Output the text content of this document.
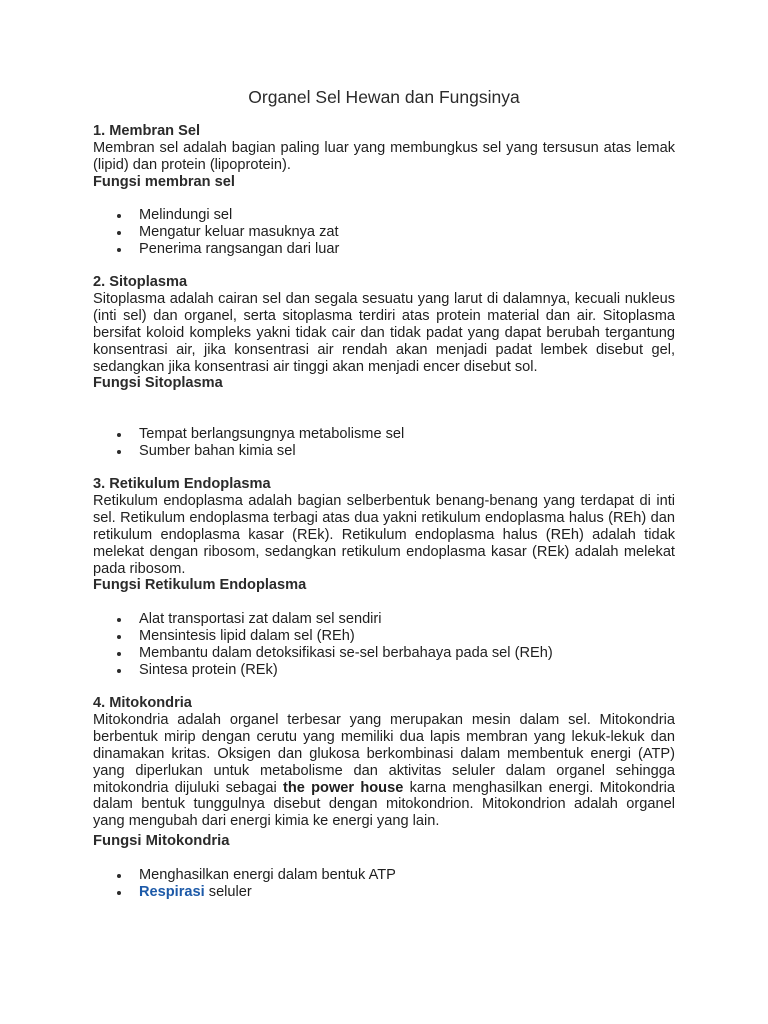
Organel Sel Hewan dan Fungsinya
1. Membran Sel
Membran sel adalah bagian paling luar yang membungkus sel yang tersusun atas lemak (lipid) dan protein (lipoprotein).
Fungsi membran sel
Melindungi sel
Mengatur keluar masuknya zat
Penerima rangsangan dari luar
2. Sitoplasma
Sitoplasma adalah cairan sel dan segala sesuatu yang larut di dalamnya, kecuali nukleus (inti sel) dan organel, serta sitoplasma terdiri atas protein material dan air. Sitoplasma bersifat koloid kompleks yakni tidak cair dan tidak padat yang dapat berubah tergantung konsentrasi air, jika konsentrasi air rendah akan menjadi padat lembek disebut gel, sedangkan jika konsentrasi air tinggi akan menjadi encer disebut sol.
Fungsi Sitoplasma
Tempat berlangsungnya metabolisme sel
Sumber bahan kimia sel
3. Retikulum Endoplasma
Retikulum endoplasma adalah bagian selberbentuk benang-benang yang terdapat di inti sel. Retikulum endoplasma terbagi atas dua yakni retikulum endoplasma halus (REh) dan retikulum endoplasma kasar (REk). Retikulum endoplasma halus (REh) adalah tidak melekat dengan ribosom, sedangkan retikulum endoplasma kasar (REk) adalah melekat pada ribosom.
Fungsi Retikulum Endoplasma
Alat transportasi zat dalam sel sendiri
Mensintesis lipid dalam sel (REh)
Membantu dalam detoksifikasi se-sel berbahaya pada sel (REh)
Sintesa protein (REk)
4. Mitokondria
Mitokondria adalah organel terbesar yang merupakan mesin dalam sel. Mitokondria berbentuk mirip dengan cerutu yang memiliki dua lapis membran yang lekuk-lekuk dan dinamakan kritas. Oksigen dan glukosa berkombinasi dalam membentuk energi (ATP) yang diperlukan untuk metabolisme dan aktivitas seluler dalam organel sehingga mitokondria dijuluki sebagai the power house karna menghasilkan energi. Mitokondria dalam bentuk tunggulnya disebut dengan mitokondrion. Mitokondrion adalah organel yang mengubah dari energi kimia ke energi yang lain.
Fungsi Mitokondria
Menghasilkan energi dalam bentuk ATP
Respirasi seluler
